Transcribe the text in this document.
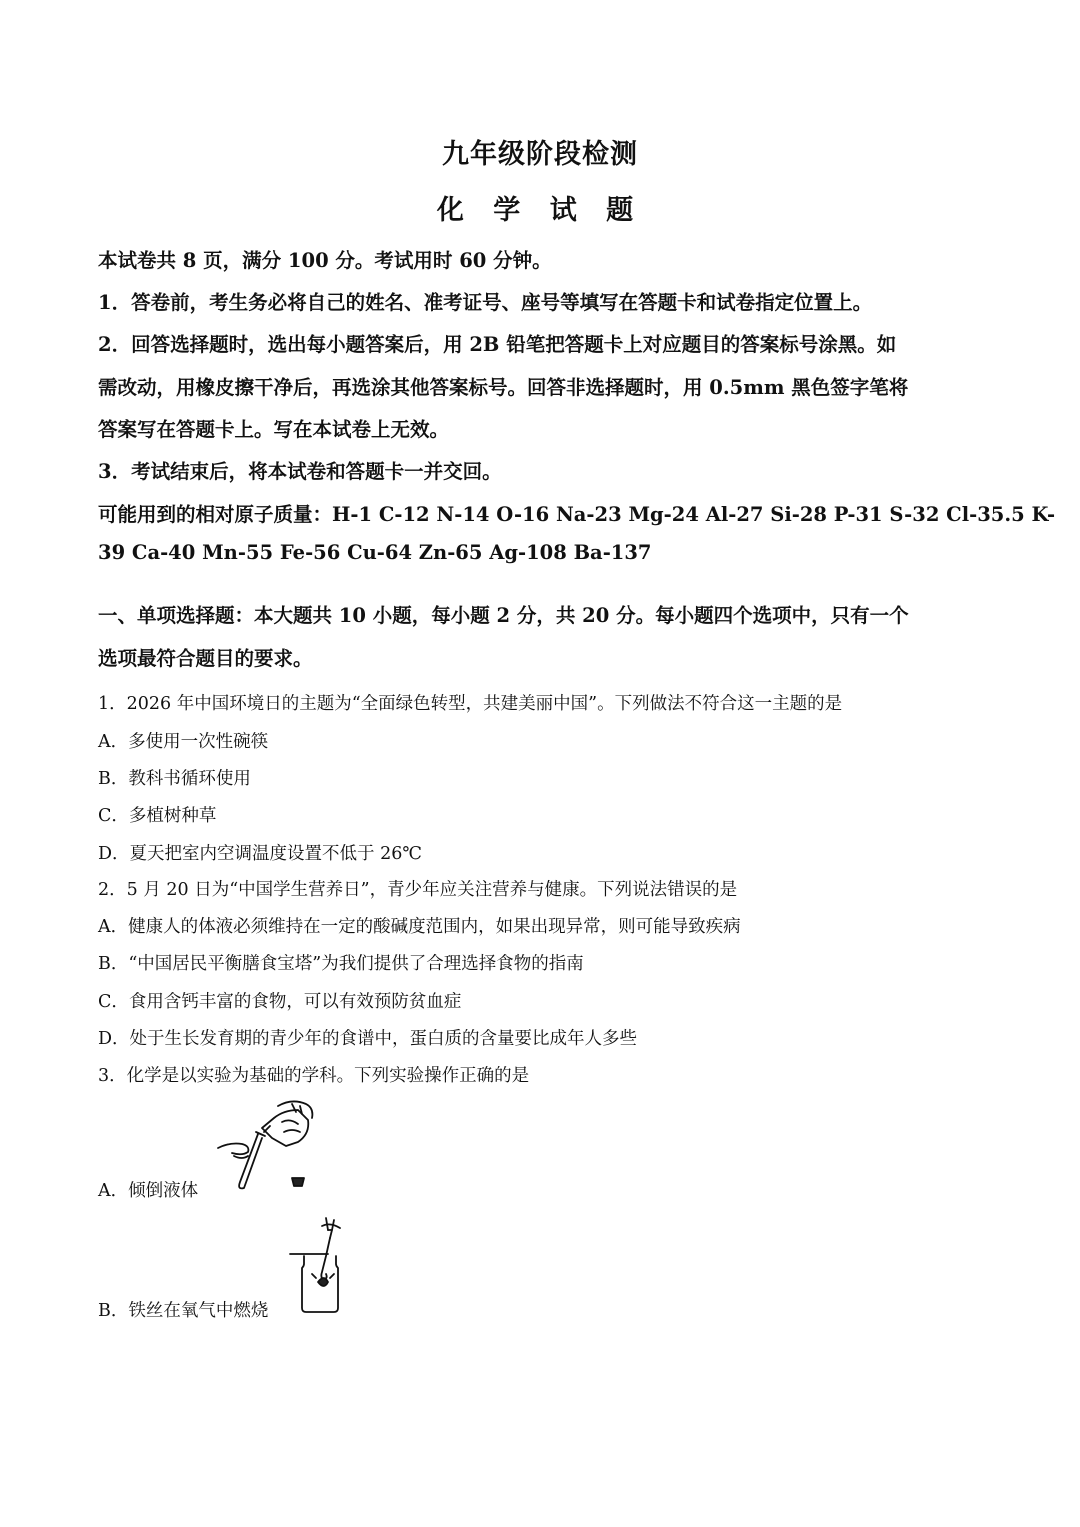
九年级阶段检测
化 学 试 题
本试卷共 8 页，满分 100 分。考试用时 60 分钟。
1．答卷前，考生务必将自己的姓名、准考证号、座号等填写在答题卡和试卷指定位置上。
2．回答选择题时，选出每小题答案后，用 2B 铅笔把答题卡上对应题目的答案标号涂黑。如
需改动，用橡皮擦干净后，再选涂其他答案标号。回答非选择题时，用 0.5mm 黑色签字笔将
答案写在答题卡上。写在本试卷上无效。
3．考试结束后，将本试卷和答题卡一并交回。
可能用到的相对原子质量：H-1 C-12 N-14 O-16 Na-23 Mg-24 Al-27 Si-28 P-31 S-32 Cl-35.5 K-
39 Ca-40 Mn-55 Fe-56 Cu-64 Zn-65 Ag-108 Ba-137
一、单项选择题：本大题共 10 小题，每小题 2 分，共 20 分。每小题四个选项中，只有一个
选项最符合题目的要求。
1．2026 年中国环境日的主题为“全面绿色转型，共建美丽中国”。下列做法不符合这一主题的是
A．多使用一次性碗筷
B．教科书循环使用
C．多植树种草
D．夏天把室内空调温度设置不低于 26℃
2．5 月 20 日为“中国学生营养日”，青少年应关注营养与健康。下列说法错误的是
A．健康人的体液必须维持在一定的酸碱度范围内，如果出现异常，则可能导致疾病
B．“中国居民平衡膳食宝塔”为我们提供了合理选择食物的指南
C．食用含钙丰富的食物，可以有效预防贫血症
D．处于生长发育期的青少年的食谱中，蛋白质的含量要比成年人多些
3．化学是以实验为基础的学科。下列实验操作正确的是
A．倾倒液体
B．铁丝在氧气中燃烧
